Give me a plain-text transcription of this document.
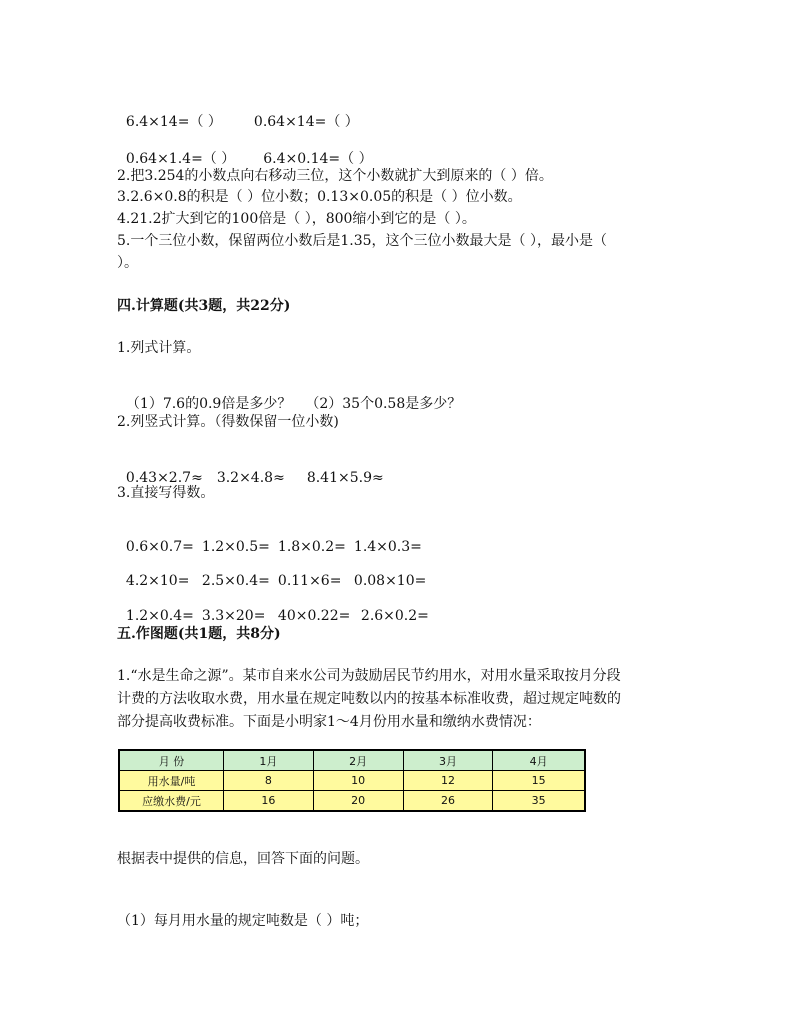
6.4×14=（ ） 0.64×14=（ ）

0.64×1.4=（ ） 6.4×0.14=（ ）

2.把3.254的小数点向右移动三位，这个小数就扩大到原来的（ ）倍。
3.2.6×0.8的积是（ ）位小数；0.13×0.05的积是（ ）位小数。
4.21.2扩大到它的100倍是（ ），800缩小到它的是（ ）。
5.一个三位小数，保留两位小数后是1.35，这个三位小数最大是（ ），最小是（
）。
四.计算题(共3题，共22分)
1.列式计算。

（1）7.6的0.9倍是多少？ （2）35个0.58是多少？

2.列竖式计算。（得数保留一位小数)

0.43×2.7≈ 3.2×4.8≈ 8.41×5.9≈

3.直接写得数。

0.6×0.7= 1.2×0.5= 1.8×0.2= 1.4×0.3=

4.2×10= 2.5×0.4= 0.11×6= 0.08×10=

1.2×0.4= 3.3×20= 40×0.22= 2.6×0.2=

五.作图题(共1题，共8分)
1.“水是生命之源”。某市自来水公司为鼓励居民节约用水，对用水量采取按月分段
计费的方法收取水费，用水量在规定吨数以内的按基本标准收费，超过规定吨数的
部分提高收费标准。下面是小明家1～4月份用水量和缴纳水费情况：
月 份	1月	2月	3月	4月
用水量/吨	8	10	12	15
应缴水费/元	16	20	26	35
根据表中提供的信息，回答下面的问题。
（1）每月用水量的规定吨数是（ ）吨；
